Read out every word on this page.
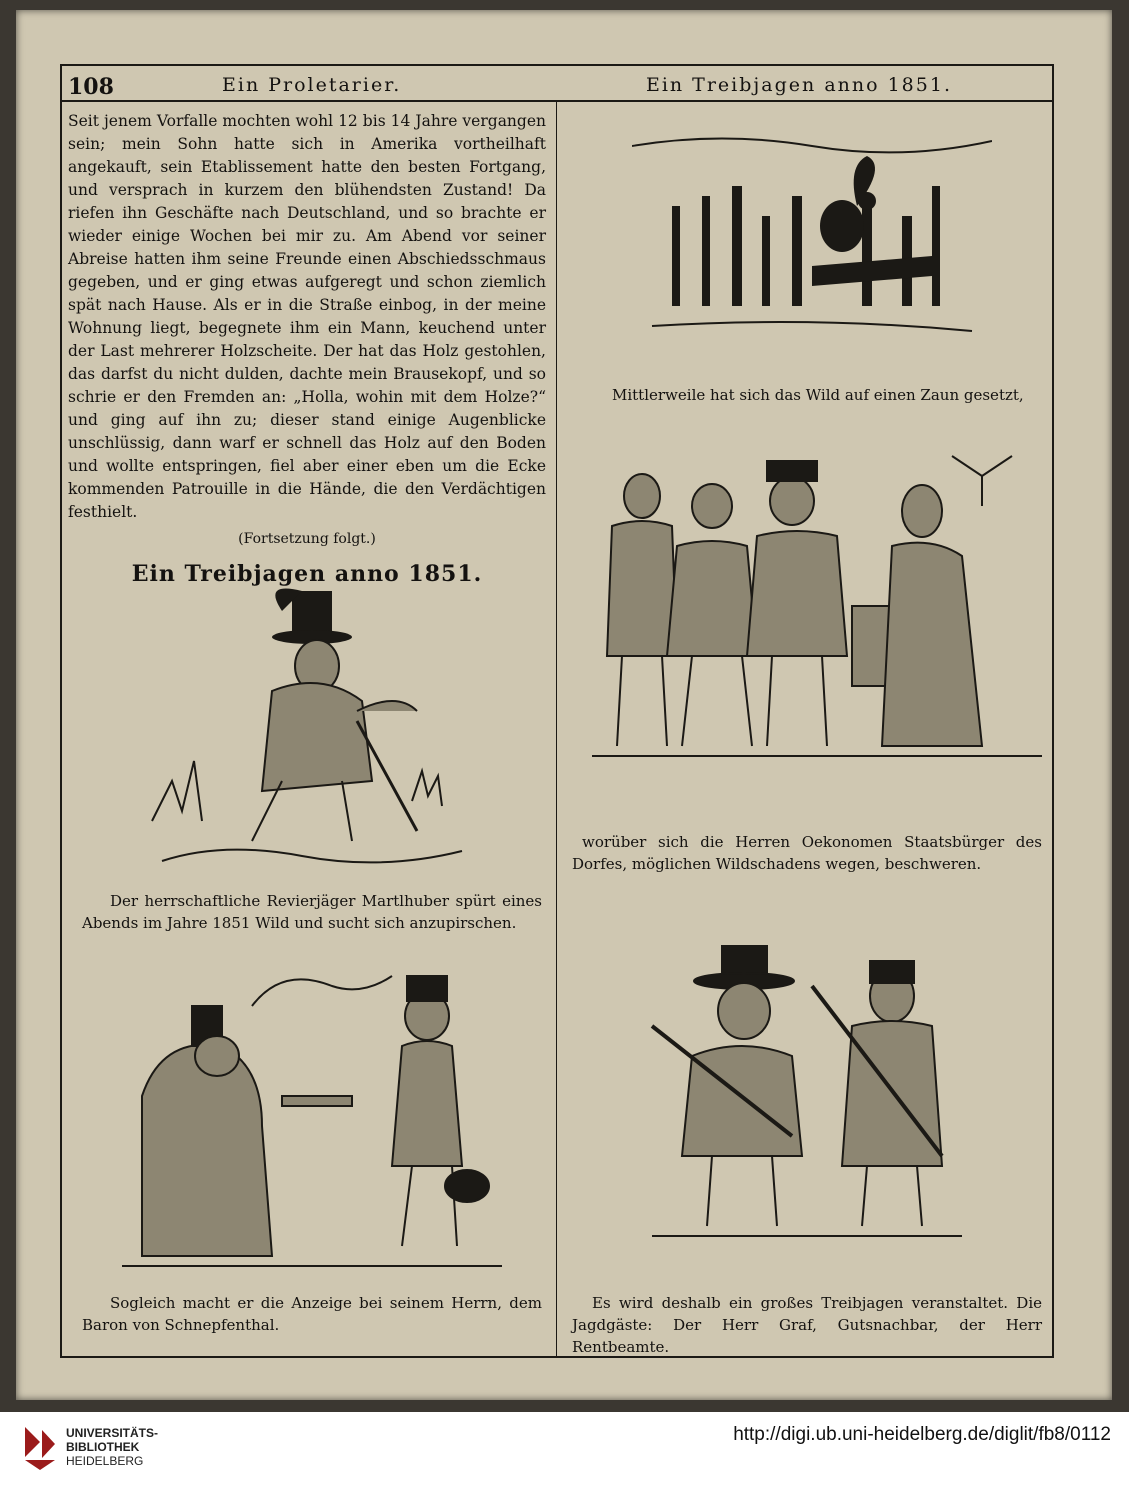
108	Ein Proletarier.	Ein Treibjagen anno 1851.

Seit jenem Vorfalle mochten wohl 12 bis 14 Jahre vergangen sein; mein Sohn hatte sich in Amerika vortheilhaft angekauft, sein Etablissement hatte den besten Fortgang, und versprach in kurzem den blühendsten Zustand! Da riefen ihn Geschäfte nach Deutschland, und so brachte er wieder einige Wochen bei mir zu. Am Abend vor seiner Abreise hatten ihm seine Freunde einen Abschiedsschmaus gegeben, und er ging etwas aufgeregt und schon ziemlich spät nach Hause. Als er in die Straße einbog, in der meine Wohnung liegt, begegnete ihm ein Mann, keuchend unter der Last mehrerer Holzscheite. Der hat das Holz gestohlen, das darfst du nicht dulden, dachte mein Brausekopf, und so schrie er den Fremden an: „Holla, wohin mit dem Holze?“ und ging auf ihn zu; dieser stand einige Augenblicke unschlüssig, dann warf er schnell das Holz auf den Boden und wollte entspringen, fiel aber einer eben um die Ecke kommenden Patrouille in die Hände, die den Verdächtigen festhielt.

(Fortsetzung folgt.)
Ein Treibjagen anno 1851.
Der herrschaftliche Revierjäger Martlhuber spürt eines Abends im Jahre 1851 Wild und sucht sich anzupirschen.
Sogleich macht er die Anzeige bei seinem Herrn, dem Baron von Schnepfenthal.
Mittlerweile hat sich das Wild auf einen Zaun gesetzt,
worüber sich die Herren Oekonomen Staatsbürger des Dorfes, möglichen Wildschadens wegen, beschweren.
Es wird deshalb ein großes Treibjagen veranstaltet. Die Jagdgäste: Der Herr Graf, Gutsnachbar, der Herr Rentbeamte.
UNIVERSITÄTS-
BIBLIOTHEK
HEIDELBERG
http://digi.ub.uni-heidelberg.de/diglit/fb8/0112
